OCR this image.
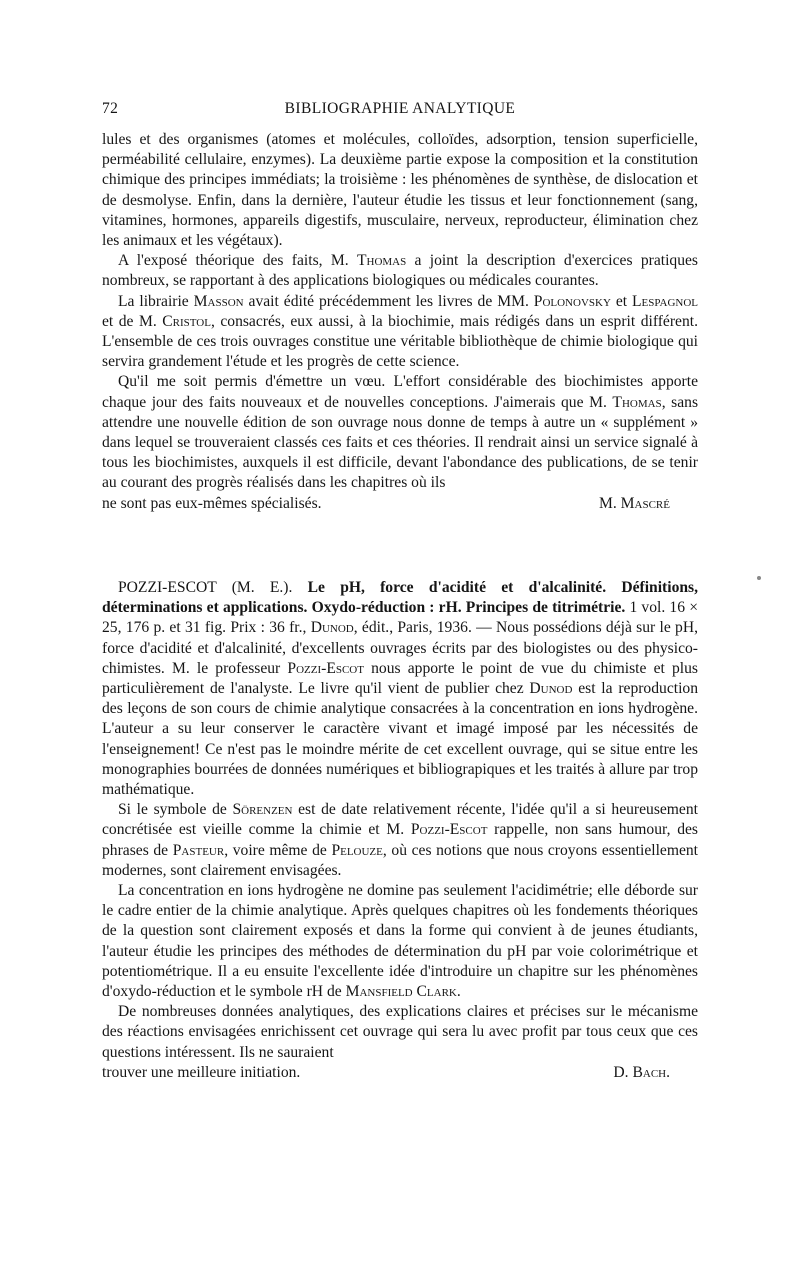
72	BIBLIOGRAPHIE ANALYTIQUE

lules et des organismes (atomes et molécules, colloïdes, adsorption, tension superficielle, perméabilité cellulaire, enzymes). La deuxième partie expose la composition et la constitution chimique des principes immédiats; la troisième : les phénomènes de synthèse, de dislocation et de desmolyse. Enfin, dans la dernière, l'auteur étudie les tissus et leur fonctionnement (sang, vitamines, hormones, appareils digestifs, musculaire, nerveux, reproducteur, élimination chez les animaux et les végétaux).

A l'exposé théorique des faits, M. Thomas a joint la description d'exercices pratiques nombreux, se rapportant à des applications biologiques ou médicales courantes.

La librairie Masson avait édité précédemment les livres de MM. Polonovsky et Lespagnol et de M. Cristol, consacrés, eux aussi, à la biochimie, mais rédigés dans un esprit différent. L'ensemble de ces trois ouvrages constitue une véritable bibliothèque de chimie biologique qui servira grandement l'étude et les progrès de cette science.

Qu'il me soit permis d'émettre un vœu. L'effort considérable des biochimistes apporte chaque jour des faits nouveaux et de nouvelles conceptions. J'aimerais que M. Thomas, sans attendre une nouvelle édition de son ouvrage nous donne de temps à autre un « supplément » dans lequel se trouveraient classés ces faits et ces théories. Il rendrait ainsi un service signalé à tous les biochimistes, auxquels il est difficile, devant l'abondance des publications, de se tenir au courant des progrès réalisés dans les chapitres où ils

ne sont pas eux-mêmes spécialisés.	M. Mascré

POZZI-ESCOT (M. E.). Le pH, force d'acidité et d'alcalinité. Définitions, déterminations et applications. Oxydo-réduction : rH. Principes de titrimétrie. 1 vol. 16 × 25, 176 p. et 31 fig. Prix : 36 fr., Dunod, édit., Paris, 1936. — Nous possédions déjà sur le pH, force d'acidité et d'alcalinité, d'excellents ouvrages écrits par des biologistes ou des physico-chimistes. M. le professeur Pozzi-Escot nous apporte le point de vue du chimiste et plus particulièrement de l'analyste. Le livre qu'il vient de publier chez Dunod est la reproduction des leçons de son cours de chimie analytique consacrées à la concentration en ions hydrogène. L'auteur a su leur conserver le caractère vivant et imagé imposé par les nécessités de l'enseignement! Ce n'est pas le moindre mérite de cet excellent ouvrage, qui se situe entre les monographies bourrées de données numériques et bibliograpiques et les traités à allure par trop mathématique.

Si le symbole de Sörenzen est de date relativement récente, l'idée qu'il a si heureusement concrétisée est vieille comme la chimie et M. Pozzi-Escot rappelle, non sans humour, des phrases de Pasteur, voire même de Pelouze, où ces notions que nous croyons essentiellement modernes, sont clairement envisagées.

La concentration en ions hydrogène ne domine pas seulement l'acidimétrie; elle déborde sur le cadre entier de la chimie analytique. Après quelques chapitres où les fondements théoriques de la question sont clairement exposés et dans la forme qui convient à de jeunes étudiants, l'auteur étudie les principes des méthodes de détermination du pH par voie colorimétrique et potentiométrique. Il a eu ensuite l'excellente idée d'introduire un chapitre sur les phénomènes d'oxydo-réduction et le symbole rH de Mansfield Clark.

De nombreuses données analytiques, des explications claires et précises sur le mécanisme des réactions envisagées enrichissent cet ouvrage qui sera lu avec profit par tous ceux que ces questions intéressent. Ils ne sauraient

trouver une meilleure initiation.	D. Bach.
